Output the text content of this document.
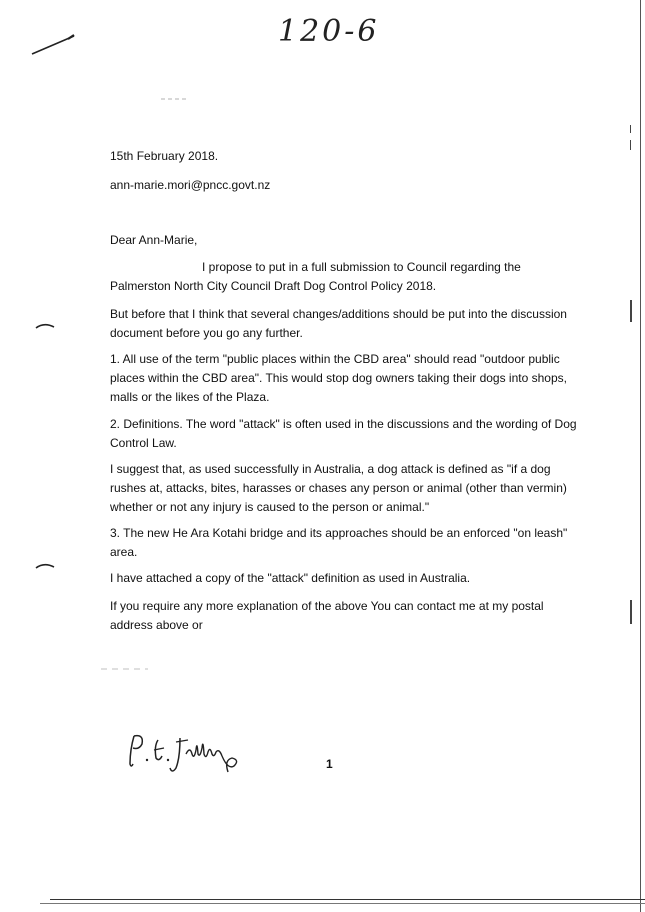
120-6
15th February 2018.
ann-marie.mori@pncc.govt.nz
Dear Ann-Marie,
I propose to put in a full submission to Council regarding the
Palmerston North City Council Draft Dog Control Policy 2018.
But before that I think that several changes/additions should be put into the discussion document before you go any further.
1. All use of the term "public places within the CBD area" should read "outdoor public places within the CBD area". This would stop dog owners taking their dogs into shops, malls or the likes of the Plaza.
2. Definitions. The word "attack" is often used in the discussions and the wording of Dog Control Law.
I suggest that, as used successfully in Australia, a dog attack is defined as "if a dog rushes at, attacks, bites, harasses or chases any person or animal (other than vermin) whether or not any injury is caused to the person or animal."
3. The new He Ara Kotahi bridge and its approaches should be an enforced "on leash" area.
I have attached a copy of the "attack" definition as used in Australia.
If you require any more explanation of the above You can contact me at my postal address above or
1
